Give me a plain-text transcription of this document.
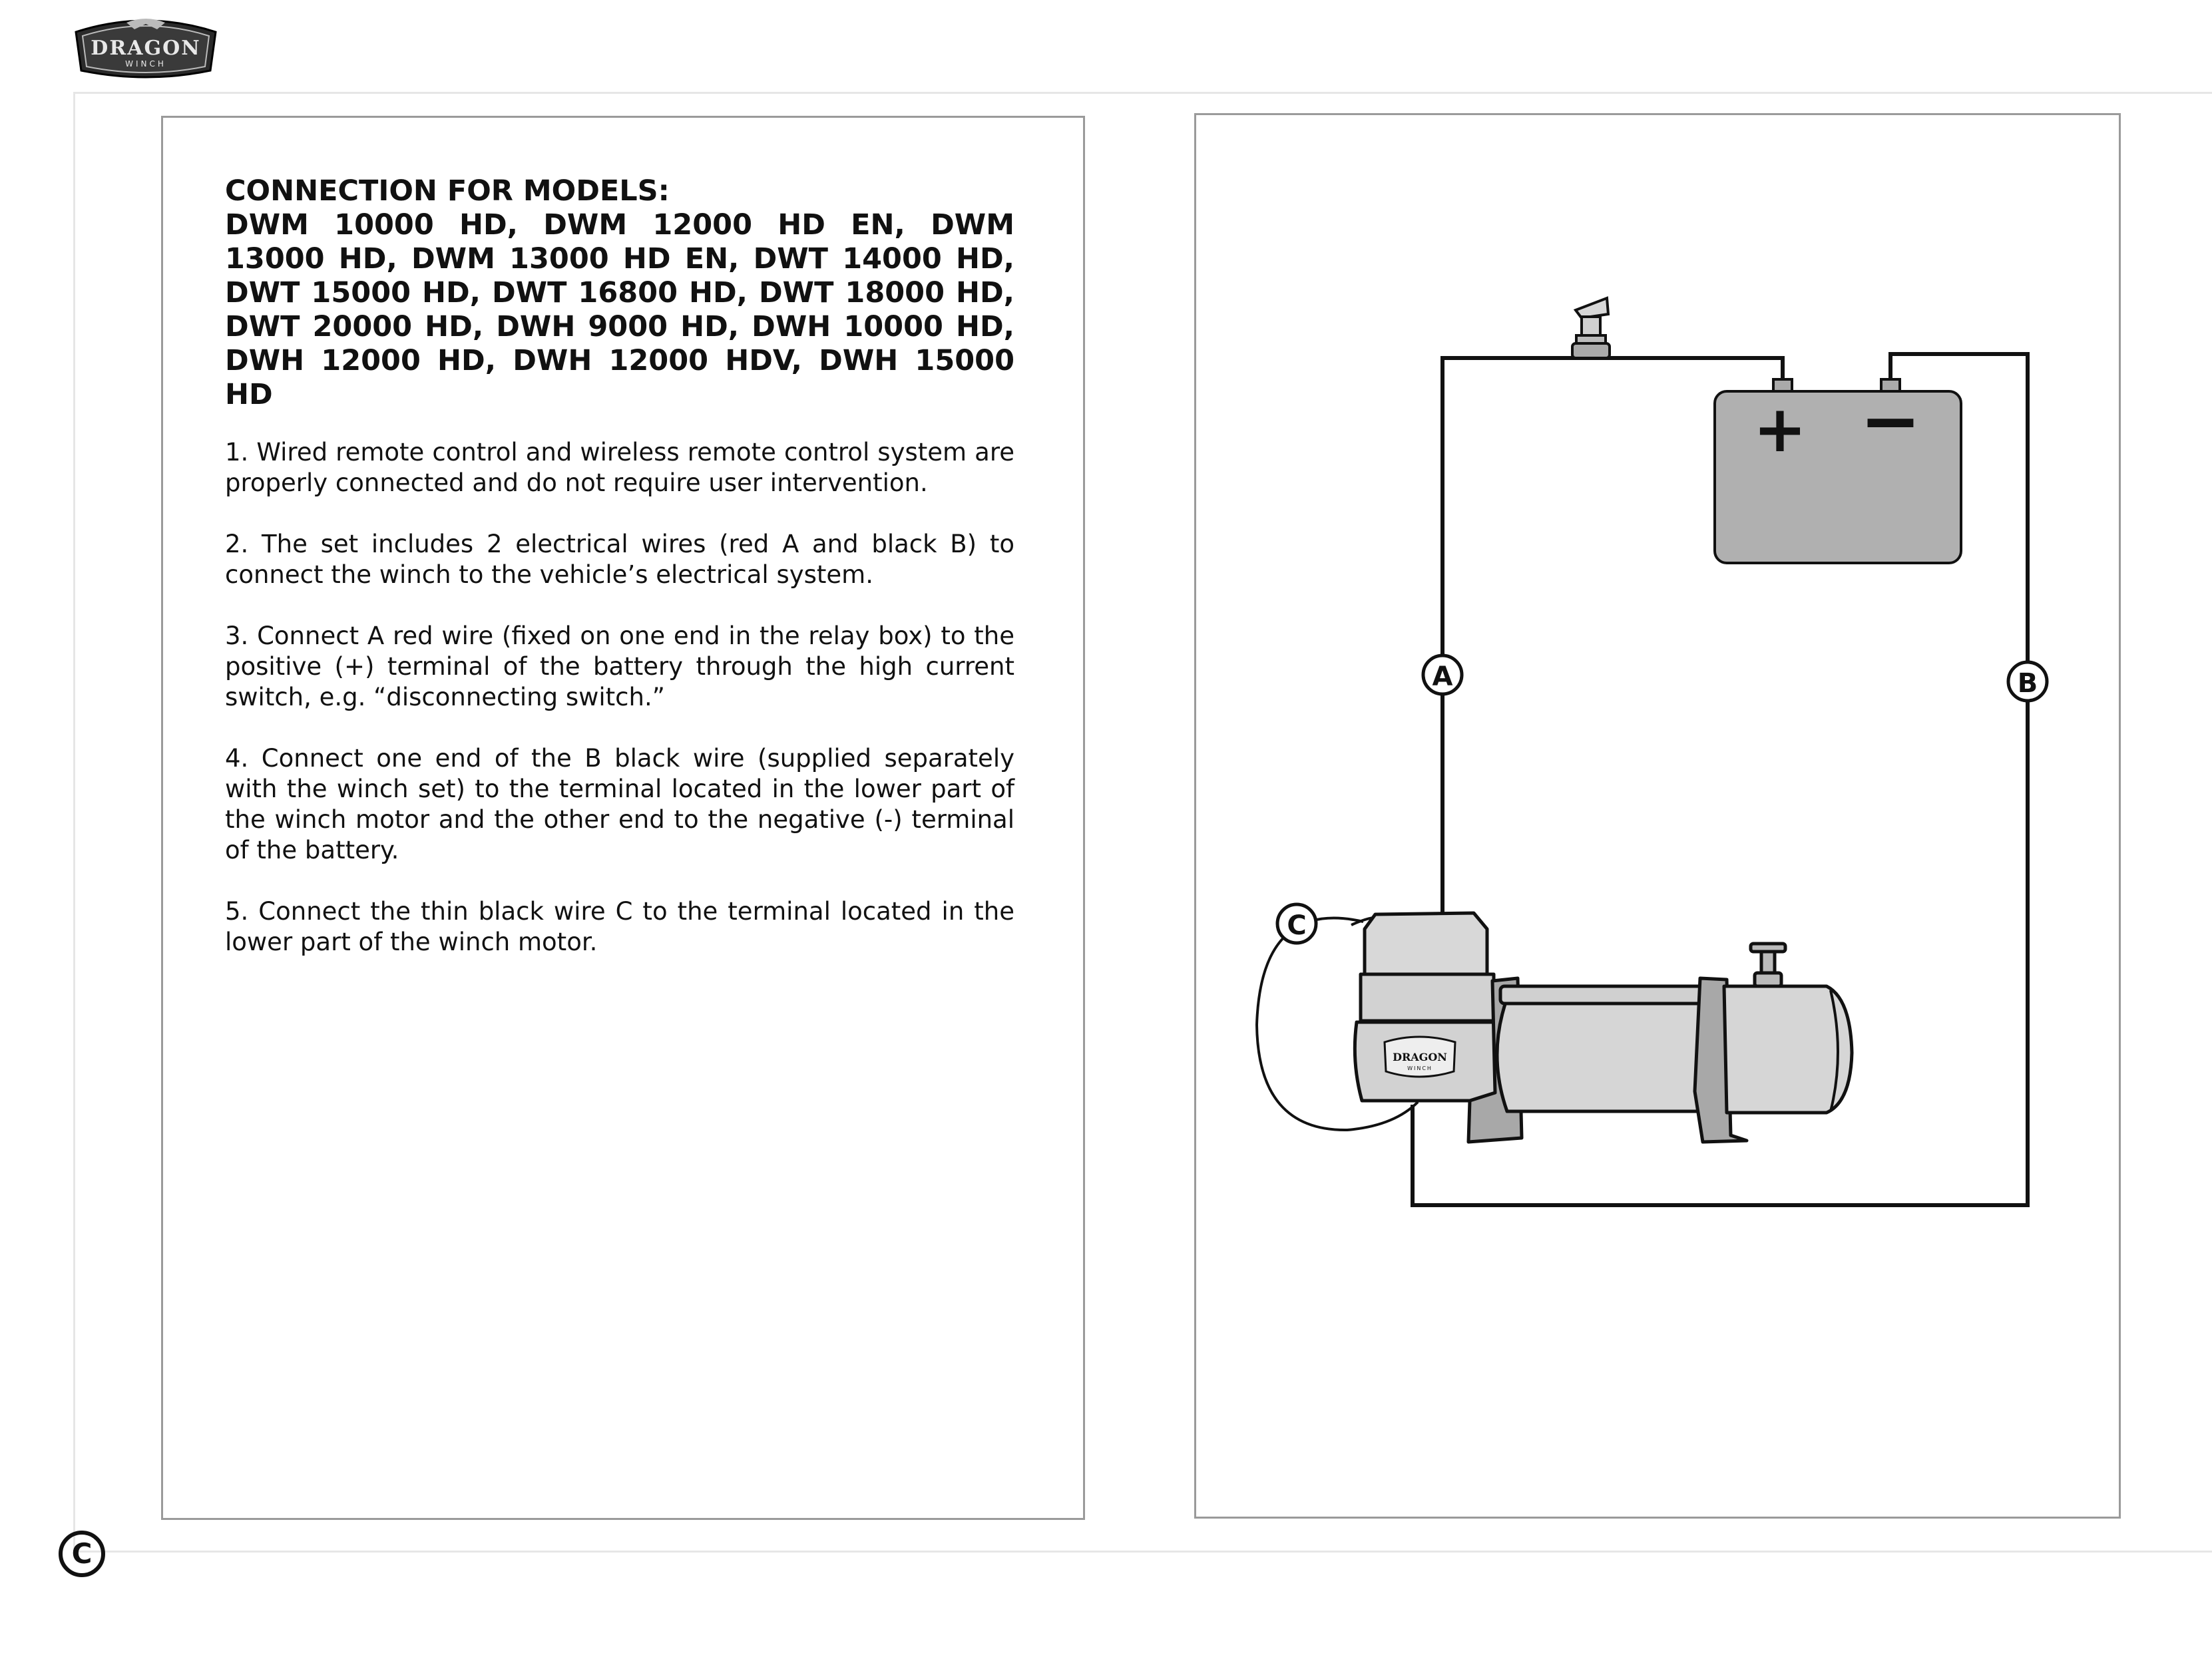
DRAGON
WINCH
C
CONNECTION FOR MODELS:
DWM 10000 HD, DWM 12000 HD EN, DWM 13000 HD, DWM 13000 HD EN, DWT 14000 HD, DWT 15000 HD, DWT 16800 HD, DWT 18000 HD, DWT 20000 HD, DWH 9000 HD, DWH 10000 HD, DWH 12000 HD, DWH 12000 HDV, DWH 15000 HD
1. Wired remote control and wireless remote control system are properly connected and do not require user intervention.
2. The set includes 2 electrical wires (red A and black B) to connect the winch to the vehicle’s electrical system.
3. Connect A red wire (fixed on one end in the relay box) to the positive (+) terminal of the battery through the high current switch, e.g. “disconnecting switch.”
4. Connect one end of the B black wire (supplied separately with the winch set) to the terminal located in the lower part of the winch motor and the other end to the negative (-) terminal of the battery.
5. Connect the thin black wire C to the terminal located in the lower part of the winch motor.
+ −
A	B
C
DRAGON
WINCH
